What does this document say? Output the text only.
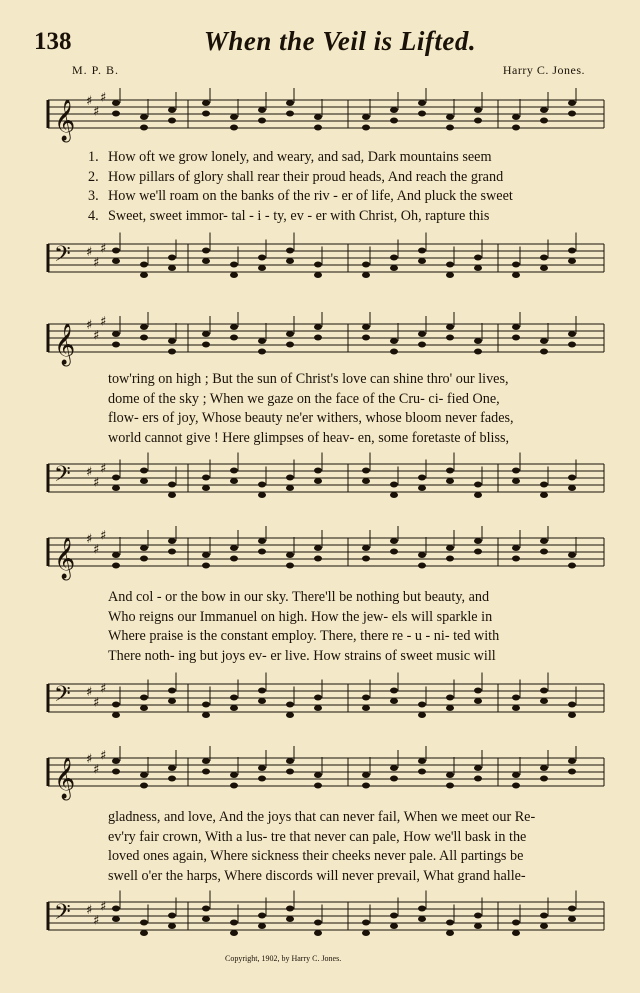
138	When the Veil is Lifted.
M. P. B.	Harry C. Jones.
𝄞 ♯
♯
♯
1. How oft we grow lonely, and weary, and sad, Dark mountains seem
2. How pillars of glory shall rear their proud heads, And reach the grand
3. How we'll roam on the banks of the riv - er of life, And pluck the sweet
4. Sweet, sweet immor- tal - i - ty, ev - er with Christ, Oh, rapture this
𝄢 ♯
♯
♯
𝄞 ♯
♯
♯
tow'ring on high ; But the sun of Christ's love can shine thro' our lives,
dome of the sky ; When we gaze on the face of the Cru- ci- fied One,
flow- ers of joy, Whose beauty ne'er withers, whose bloom never fades,
world cannot give ! Here glimpses of heav- en, some foretaste of bliss,
𝄢 ♯
♯
♯
𝄞 ♯
♯
♯
And col - or the bow in our sky. There'll be nothing but beauty, and
Who reigns our Immanuel on high. How the jew- els will sparkle in
Where praise is the constant employ. There, there re - u - ni- ted with
There noth- ing but joys ev- er live. How strains of sweet music will
𝄢 ♯
♯
♯
𝄞 ♯
♯
♯
gladness, and love, And the joys that can never fail, When we meet our Re-
ev'ry fair crown, With a lus- tre that never can pale, How we'll bask in the
loved ones again, Where sickness their cheeks never pale. All partings be
swell o'er the harps, Where discords will never prevail, What grand halle-
𝄢 ♯
♯
♯
Copyright, 1902, by Harry C. Jones.
